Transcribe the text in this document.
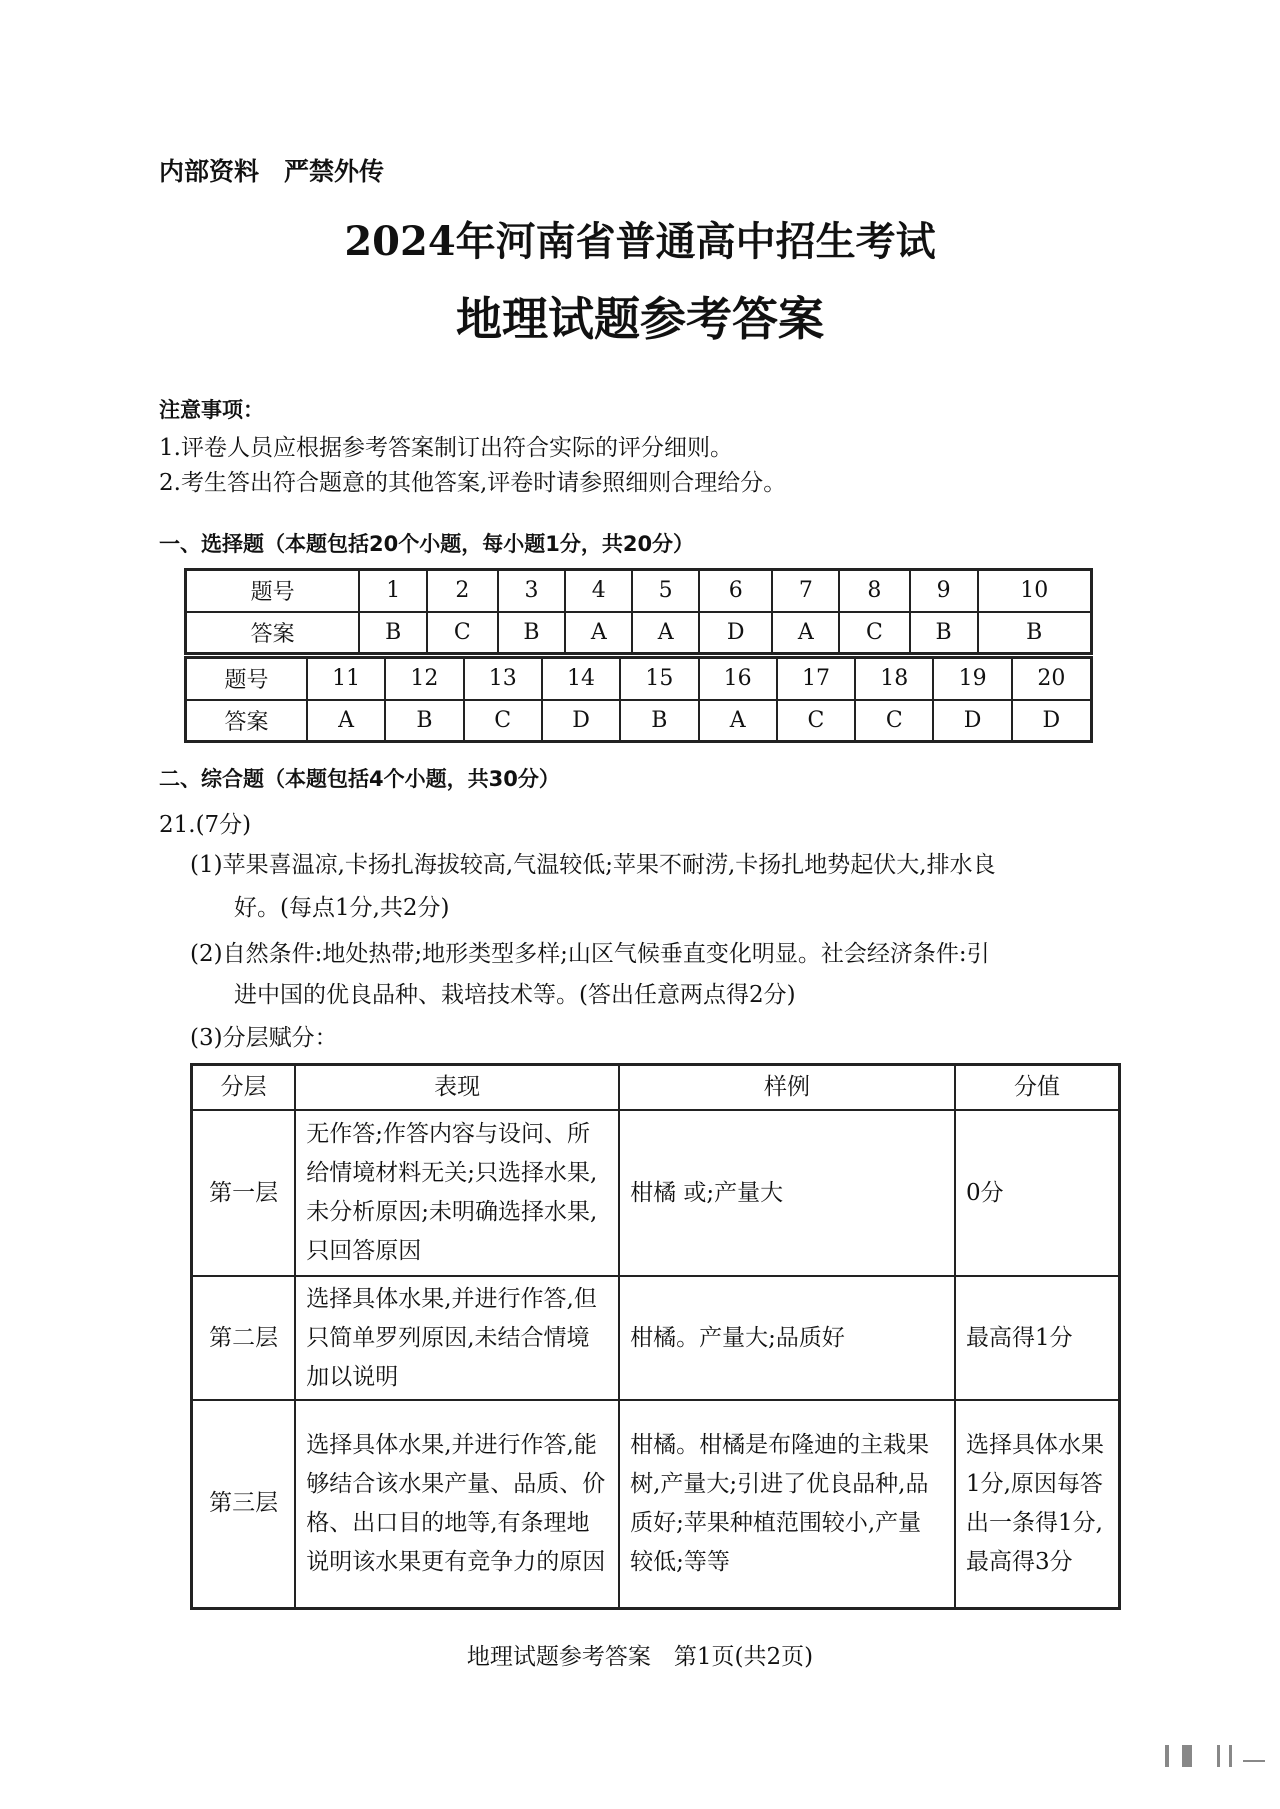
内部资料　严禁外传
2024年河南省普通高中招生考试
地理试题参考答案
注意事项：
1.评卷人员应根据参考答案制订出符合实际的评分细则。
2.考生答出符合题意的其他答案,评卷时请参照细则合理给分。
一、选择题（本题包括20个小题，每小题1分，共20分）
题号	1	2	3	4	5	6	7	8	9	10
答案	B	C	B	A	A	D	A	C	B	B
题号	11	12	13	14	15	16	17	18	19	20
答案	A	B	C	D	B	A	C	C	D	D
二、综合题（本题包括4个小题，共30分）
21.(7分)
(1)苹果喜温凉,卡扬扎海拔较高,气温较低;苹果不耐涝,卡扬扎地势起伏大,排水良
好。(每点1分,共2分)
(2)自然条件:地处热带;地形类型多样;山区气候垂直变化明显。社会经济条件:引
进中国的优良品种、栽培技术等。(答出任意两点得2分)
(3)分层赋分：
分层	表现	样例	分值
第一层	无作答;作答内容与设问、所给情境材料无关;只选择水果,未分析原因;未明确选择水果,只回答原因	柑橘 或;产量大	0分
第二层	选择具体水果,并进行作答,但只简单罗列原因,未结合情境加以说明	柑橘。产量大;品质好	最高得1分
第三层	选择具体水果,并进行作答,能够结合该水果产量、品质、价格、出口目的地等,有条理地说明该水果更有竞争力的原因	柑橘。柑橘是布隆迪的主栽果树,产量大;引进了优良品种,品质好;苹果种植范围较小,产量较低;等等	选择具体水果1分,原因每答出一条得1分,最高得3分
地理试题参考答案　第1页(共2页)
